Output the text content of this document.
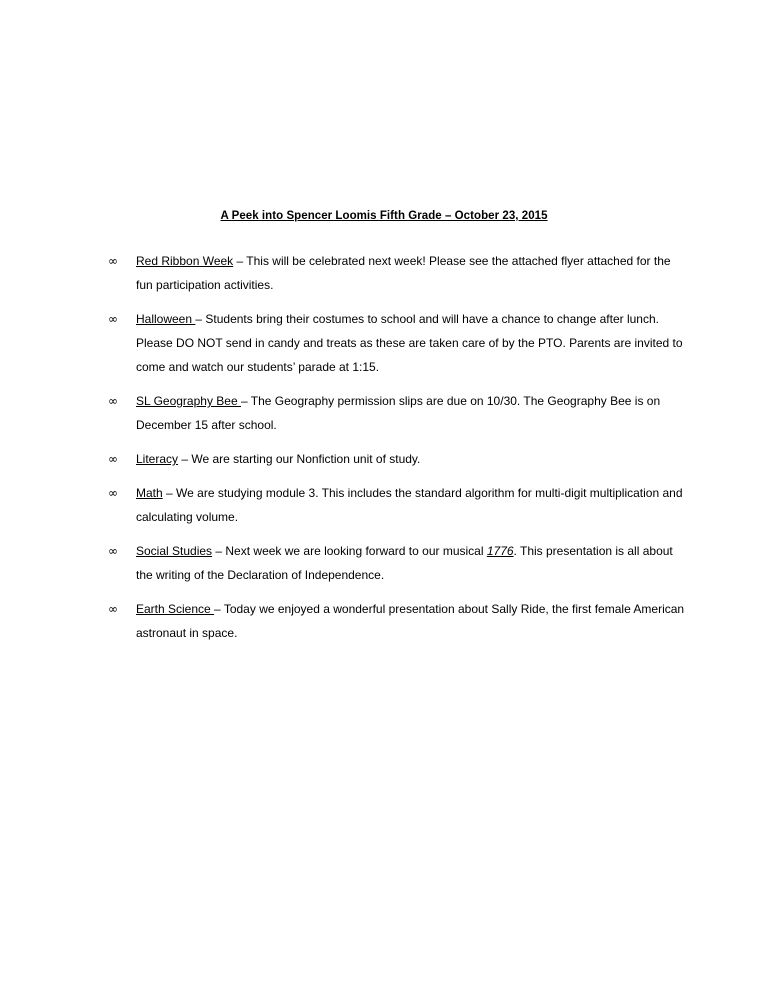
A Peek into Spencer Loomis Fifth Grade – October 23, 2015
∞	Red Ribbon Week – This will be celebrated next week! Please see the attached flyer attached for the fun participation activities.
∞	Halloween – Students bring their costumes to school and will have a chance to change after lunch. Please DO NOT send in candy and treats as these are taken care of by the PTO. Parents are invited to come and watch our students’ parade at 1:15.
∞	SL Geography Bee – The Geography permission slips are due on 10/30. The Geography Bee is on December 15 after school.
∞	Literacy – We are starting our Nonfiction unit of study.
∞	Math – We are studying module 3. This includes the standard algorithm for multi-digit multiplication and calculating volume.
∞	Social Studies – Next week we are looking forward to our musical 1776. This presentation is all about the writing of the Declaration of Independence.
∞	Earth Science – Today we enjoyed a wonderful presentation about Sally Ride, the first female American astronaut in space.
